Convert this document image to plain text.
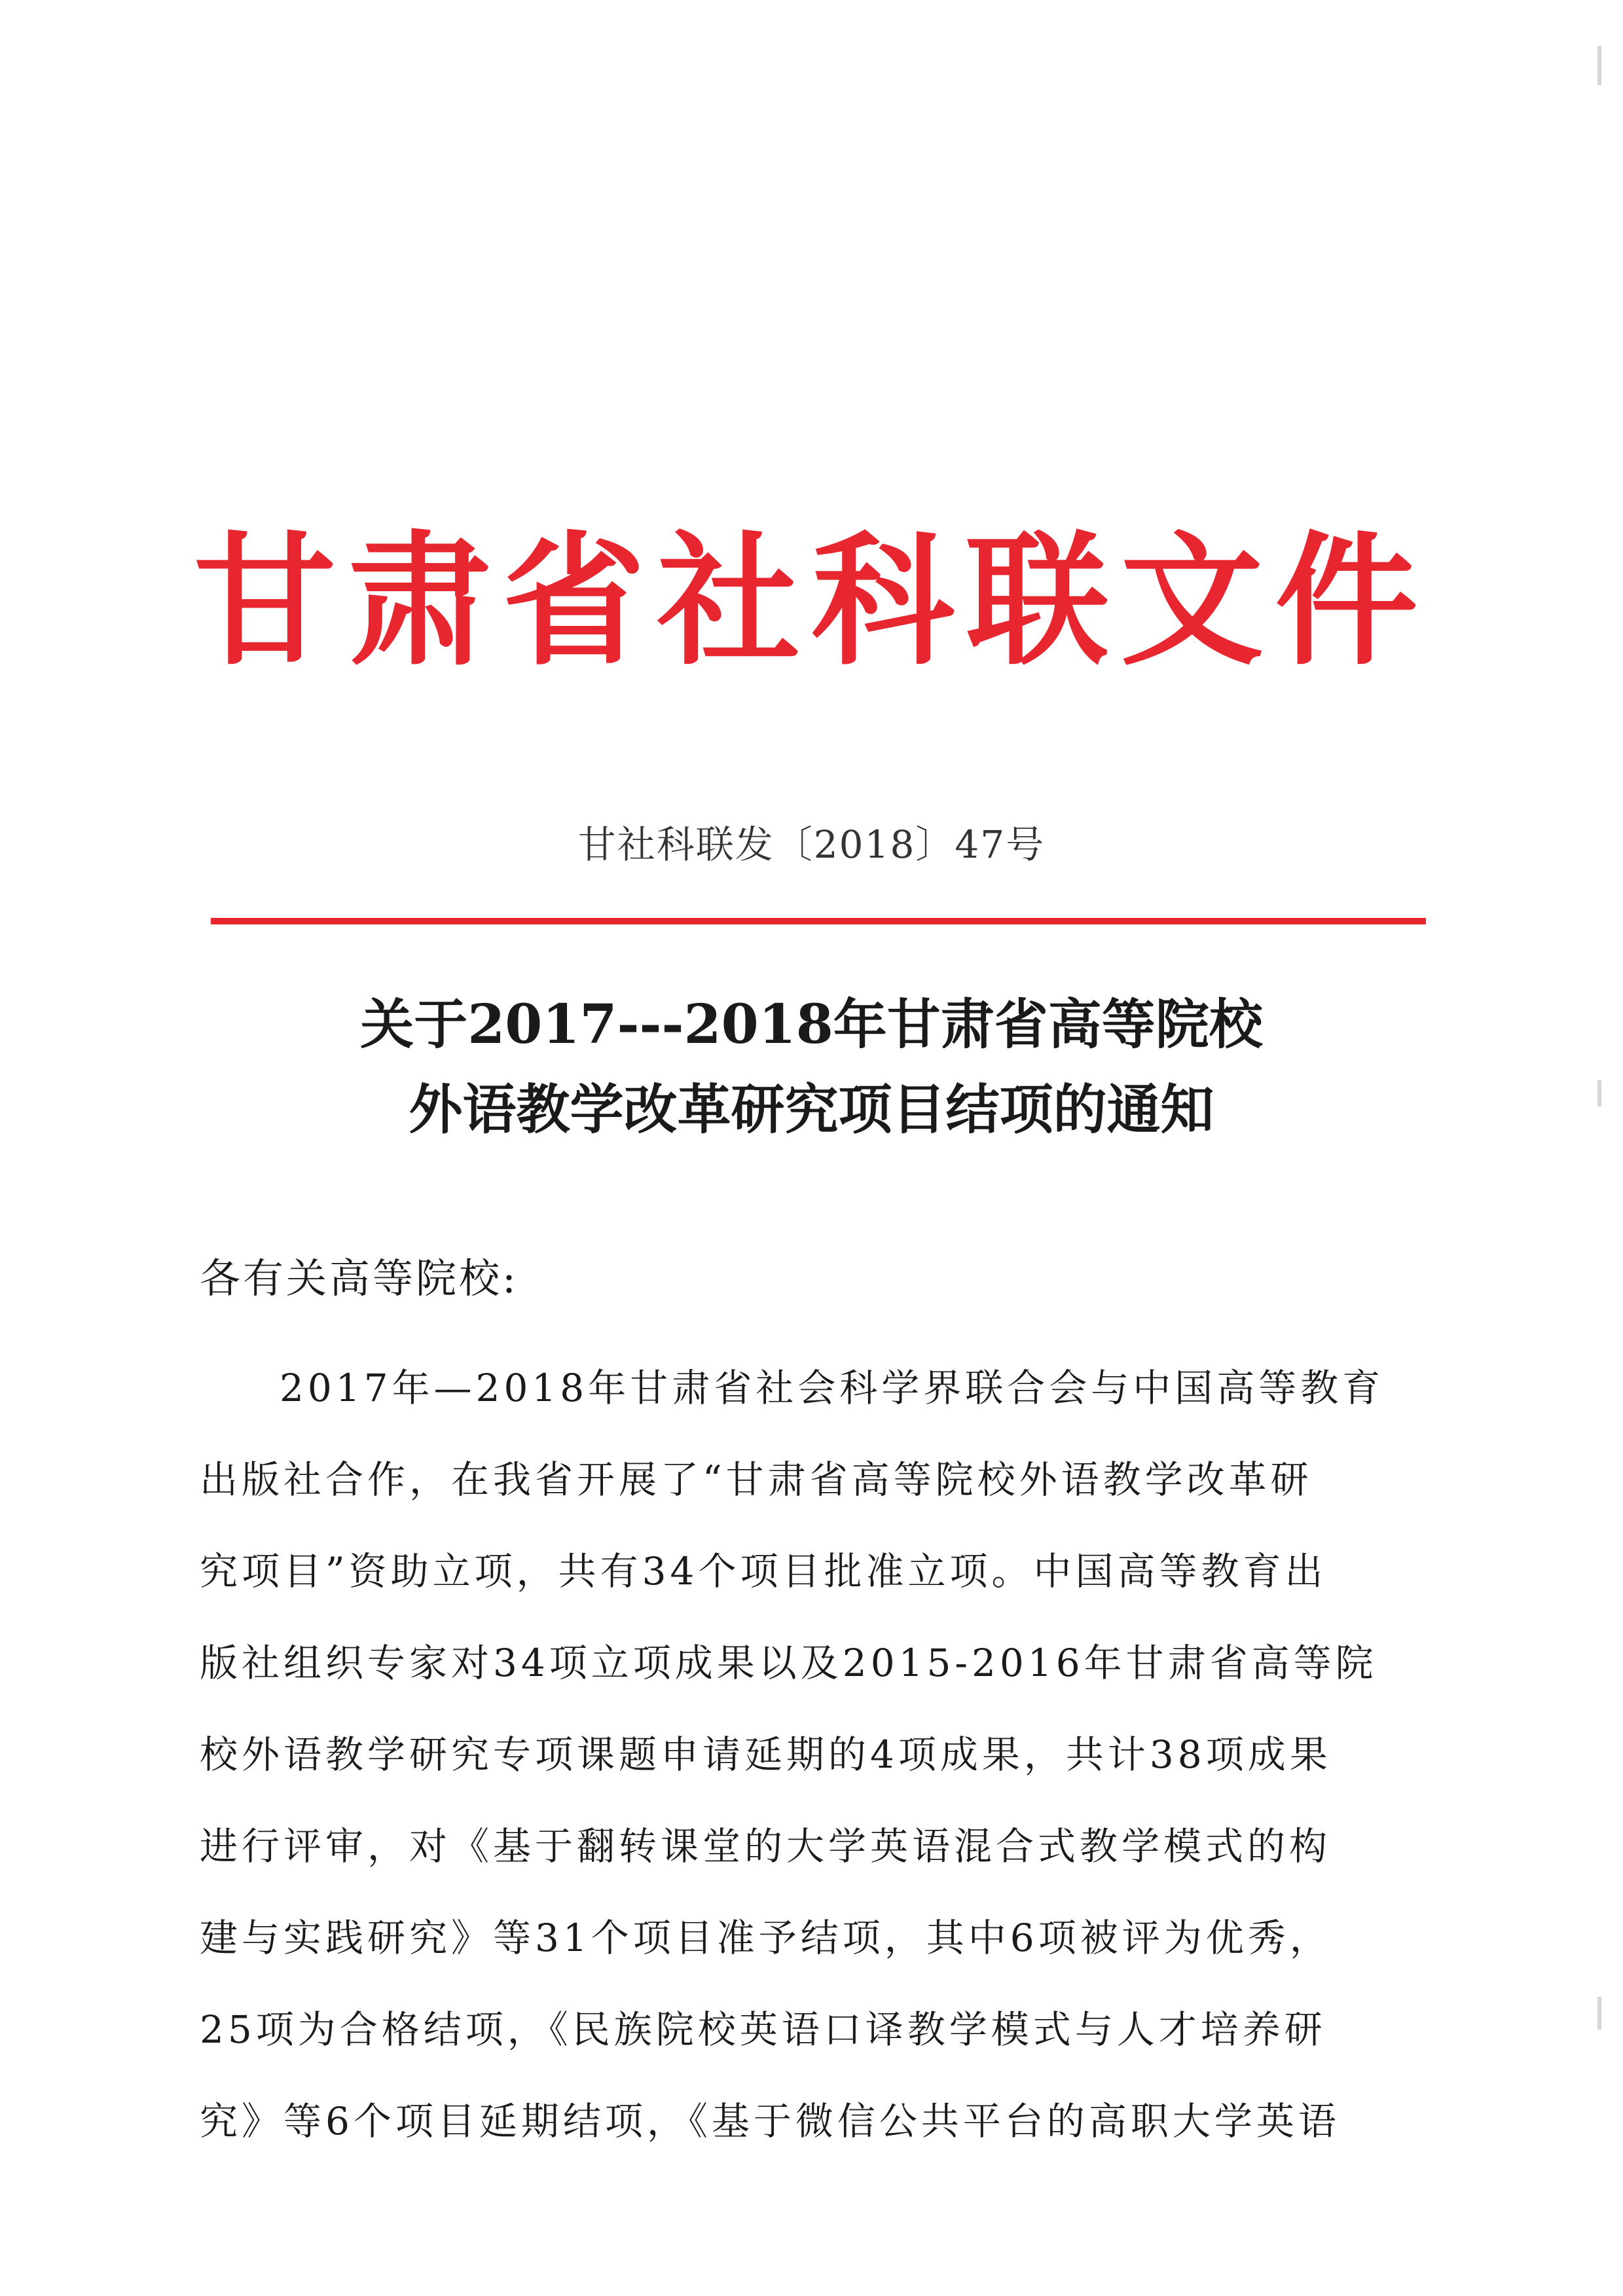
甘肃省社科联文件
甘社科联发〔2018〕47号
关于2017---2018年甘肃省高等院校
外语教学改革研究项目结项的通知
各有关高等院校:
2017年—2018年甘肃省社会科学界联合会与中国高等教育
出版社合作，在我省开展了“甘肃省高等院校外语教学改革研
究项目”资助立项，共有34个项目批准立项。中国高等教育出
版社组织专家对34项立项成果以及2015-2016年甘肃省高等院
校外语教学研究专项课题申请延期的4项成果，共计38项成果
进行评审，对《基于翻转课堂的大学英语混合式教学模式的构
建与实践研究》等31个项目准予结项，其中6项被评为优秀，
25项为合格结项，《民族院校英语口译教学模式与人才培养研
究》等6个项目延期结项，《基于微信公共平台的高职大学英语
